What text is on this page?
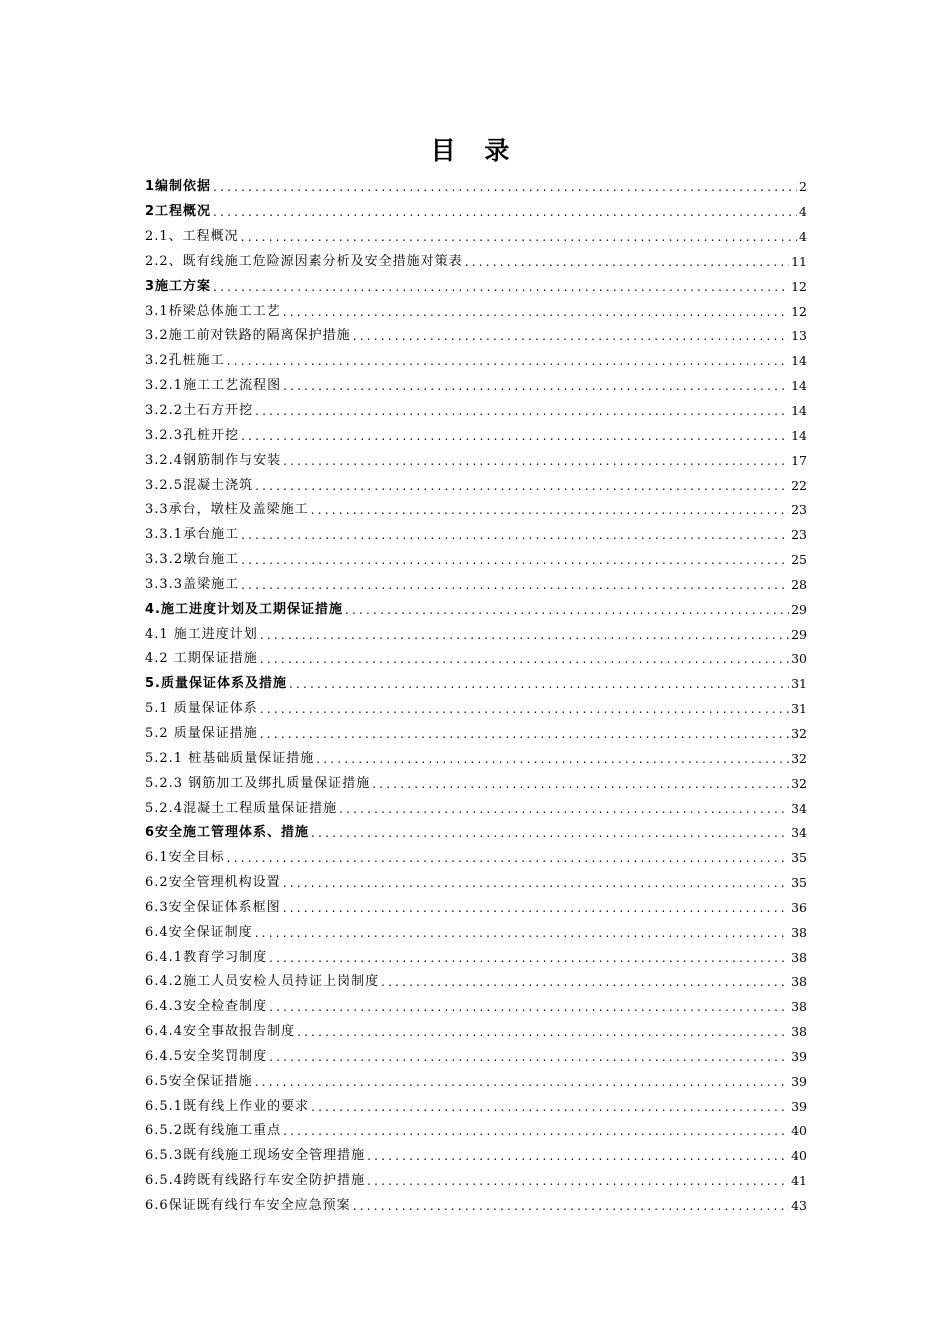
目 录
1编制依据 .....	2
2工程概况 .....	4
2.1、工程概况 .....	4
2.2、既有线施工危险源因素分析及安全措施对策表 .....	11
3施工方案 .....	12
3.1桥梁总体施工工艺 .....	12
3.2施工前对铁路的隔离保护措施 .....	13
3.2孔桩施工 .....	14
3.2.1施工工艺流程图 .....	14
3.2.2土石方开挖 .....	14
3.2.3孔桩开挖 .....	14
3.2.4钢筋制作与安装 .....	17
3.2.5混凝土浇筑 .....	22
3.3承台，墩柱及盖梁施工 .....	23
3.3.1承台施工 .....	23
3.3.2墩台施工 .....	25
3.3.3盖梁施工 .....	28
4.施工进度计划及工期保证措施 .....	29
4.1 施工进度计划 .....	29
4.2 工期保证措施 .....	30
5.质量保证体系及措施 .....	31
5.1 质量保证体系 .....	31
5.2 质量保证措施 .....	32
5.2.1 桩基础质量保证措施 .....	32
5.2.3 钢筋加工及绑扎质量保证措施 .....	32
5.2.4混凝土工程质量保证措施 .....	34
6安全施工管理体系、措施 .....	34
6.1安全目标 .....	35
6.2安全管理机构设置 .....	35
6.3安全保证体系框图 .....	36
6.4安全保证制度 .....	38
6.4.1教育学习制度 .....	38
6.4.2施工人员安检人员持证上岗制度 .....	38
6.4.3安全检查制度 .....	38
6.4.4安全事故报告制度 .....	38
6.4.5安全奖罚制度 .....	39
6.5安全保证措施 .....	39
6.5.1既有线上作业的要求 .....	39
6.5.2既有线施工重点 .....	40
6.5.3既有线施工现场安全管理措施 .....	40
6.5.4跨既有线路行车安全防护措施 .....	41
6.6保证既有线行车安全应急预案 .....	43
